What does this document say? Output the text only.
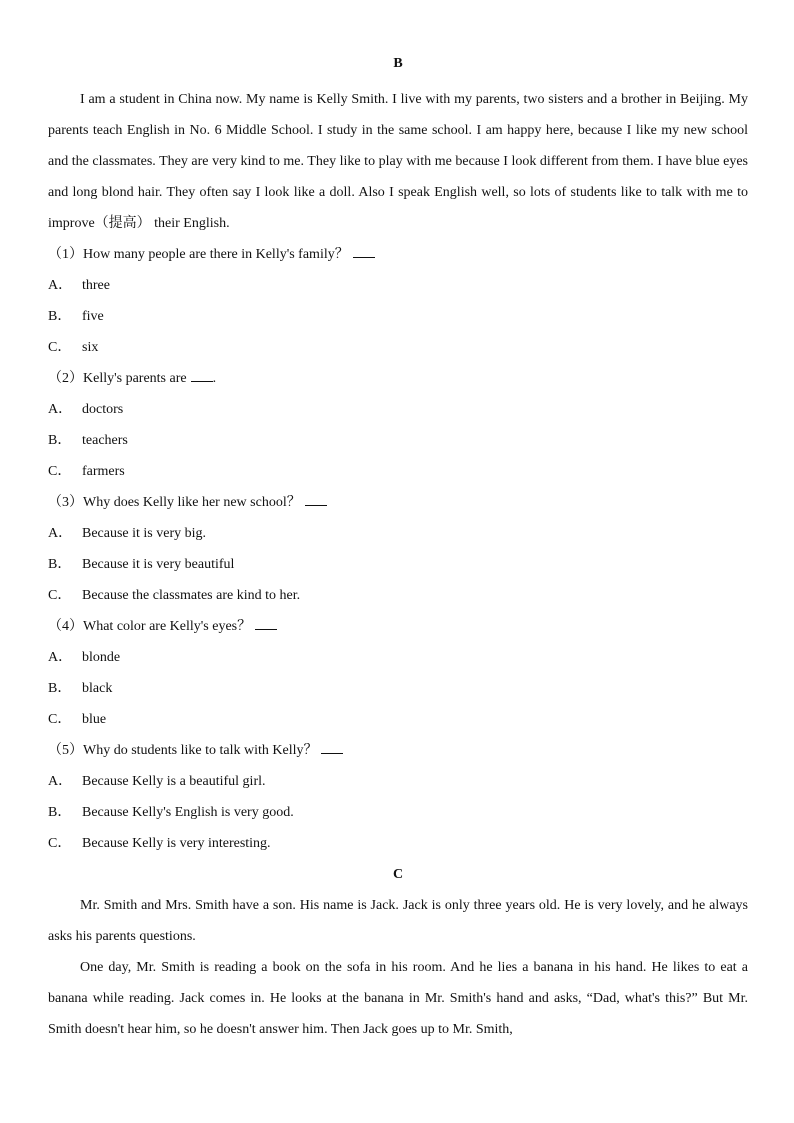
B

I am a student in China now. My name is Kelly Smith. I live with my parents, two sisters and a brother in Beijing. My parents teach English in No. 6 Middle School. I study in the same school. I am happy here, because I like my new school and the classmates. They are very kind to me. They like to play with me because I look different from them. I have blue eyes and long blond hair. They often say I look like a doll. Also I speak English well, so lots of students like to talk with me to improve（提高） their English.

（1）How many people are there in Kelly's family？
A． three
B． five
C． six
（2）Kelly's parents are .
A． doctors
B． teachers
C． farmers
（3）Why does Kelly like her new school？
A． Because it is very big.
B． Because it is very beautiful
C． Because the classmates are kind to her.
（4）What color are Kelly's eyes？
A． blonde
B． black
C． blue
（5）Why do students like to talk with Kelly？
A． Because Kelly is a beautiful girl.
B． Because Kelly's English is very good.
C． Because Kelly is very interesting.
C

Mr. Smith and Mrs. Smith have a son. His name is Jack. Jack is only three years old. He is very lovely, and he always asks his parents questions.

One day, Mr. Smith is reading a book on the sofa in his room. And he lies a banana in his hand. He likes to eat a banana while reading. Jack comes in. He looks at the banana in Mr. Smith's hand and asks, “Dad, what's this?” But Mr. Smith doesn't hear him, so he doesn't answer him. Then Jack goes up to Mr. Smith,
